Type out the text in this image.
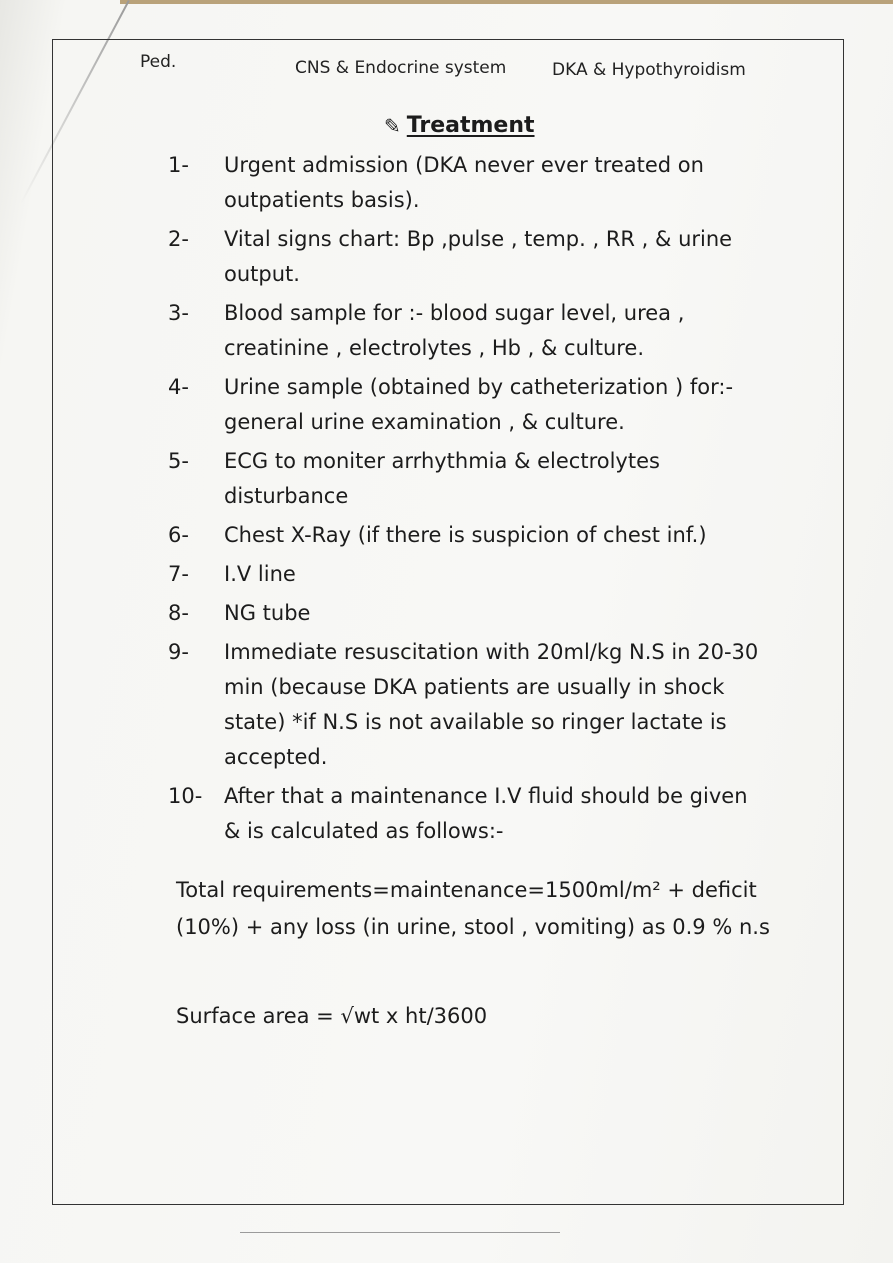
Ped.	CNS & Endocrine system	DKA & Hypothyroidism
✎ Treatment
1-	Urgent admission (DKA never ever treated on outpatients basis).
2-	Vital signs chart: Bp ,pulse , temp. , RR , & urine output.
3-	Blood sample for :- blood sugar level, urea , creatinine , electrolytes , Hb , & culture.
4-	Urine sample (obtained by catheterization ) for:- general urine examination , & culture.
5-	ECG to moniter arrhythmia & electrolytes disturbance
6-	Chest X-Ray (if there is suspicion of chest inf.)
7-	I.V line
8-	NG tube
9-	Immediate resuscitation with 20ml/kg N.S in 20-30 min (because DKA patients are usually in shock state) *if N.S is not available so ringer lactate is accepted.
10-	After that a maintenance I.V fluid should be given & is calculated as follows:-
Total requirements=maintenance=1500ml/m² + deficit (10%) + any loss (in urine, stool , vomiting) as 0.9 % n.s
Surface area = √wt x ht/3600
